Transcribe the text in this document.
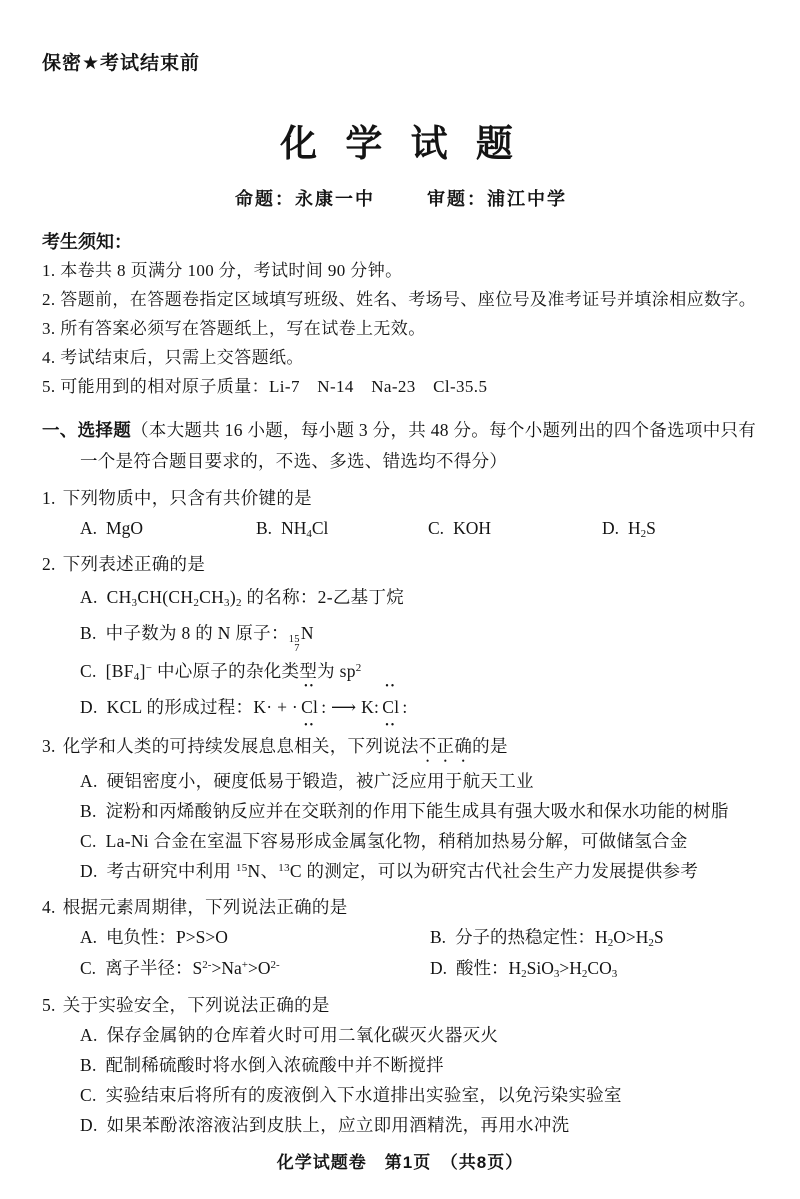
保密★考试结束前
化 学 试 题
命题：永康一中	审题：浦江中学
考生须知：
1. 本卷共 8 页满分 100 分，考试时间 90 分钟。
2. 答题前，在答题卷指定区域填写班级、姓名、考场号、座位号及准考证号并填涂相应数字。
3. 所有答案必须写在答题纸上，写在试卷上无效。
4. 考试结束后，只需上交答题纸。
5. 可能用到的相对原子质量：Li-7　N-14　Na-23　Cl-35.5
一、选择题（本大题共 16 小题，每小题 3 分，共 48 分。每个小题列出的四个备选项中只有一个是符合题目要求的，不选、多选、错选均不得分）
1. 下列物质中，只含有共价键的是
A. MgO	B. $NH_4Cl$	C. KOH	D. $H_2S$
2. 下列表述正确的是
A. $CH_3CH(CH_2CH_3)_2$ 的名称：2-乙基丁烷
B. 中子数为 8 的 N 原子： 15
7
N
C. $[BF_4]^-$ 中心原子的杂化类型为 $sp^2$
D. KCL 的形成过程：K· + ·
••
••
Cl : ⟶ K:
••
••
Cl :
3. 化学和人类的可持续发展息息相关，下列说法不正确的是
A. 硬铝密度小，硬度低易于锻造，被广泛应用于航天工业
B. 淀粉和丙烯酸钠反应并在交联剂的作用下能生成具有强大吸水和保水功能的树脂
C. La-Ni 合金在室温下容易形成金属氢化物，稍稍加热易分解，可做储氢合金
D. 考古研究中利用 $^{15}$N、$^{13}$C 的测定，可以为研究古代社会生产力发展提供参考
4. 根据元素周期律，下列说法正确的是
A. 电负性：P>S>O	B. 分子的热稳定性：$H_2O>H_2S$
C. 离子半径：$S^{2-}>Na^+>O^{2-}$	D. 酸性：$H_2SiO_3>H_2CO_3$
5. 关于实验安全，下列说法正确的是
A. 保存金属钠的仓库着火时可用二氧化碳灭火器灭火
B. 配制稀硫酸时将水倒入浓硫酸中并不断搅拌
C. 实验结束后将所有的废液倒入下水道排出实验室，以免污染实验室
D. 如果苯酚浓溶液沾到皮肤上，应立即用酒精洗，再用水冲洗
化学试题卷　第1页　（共8页）
